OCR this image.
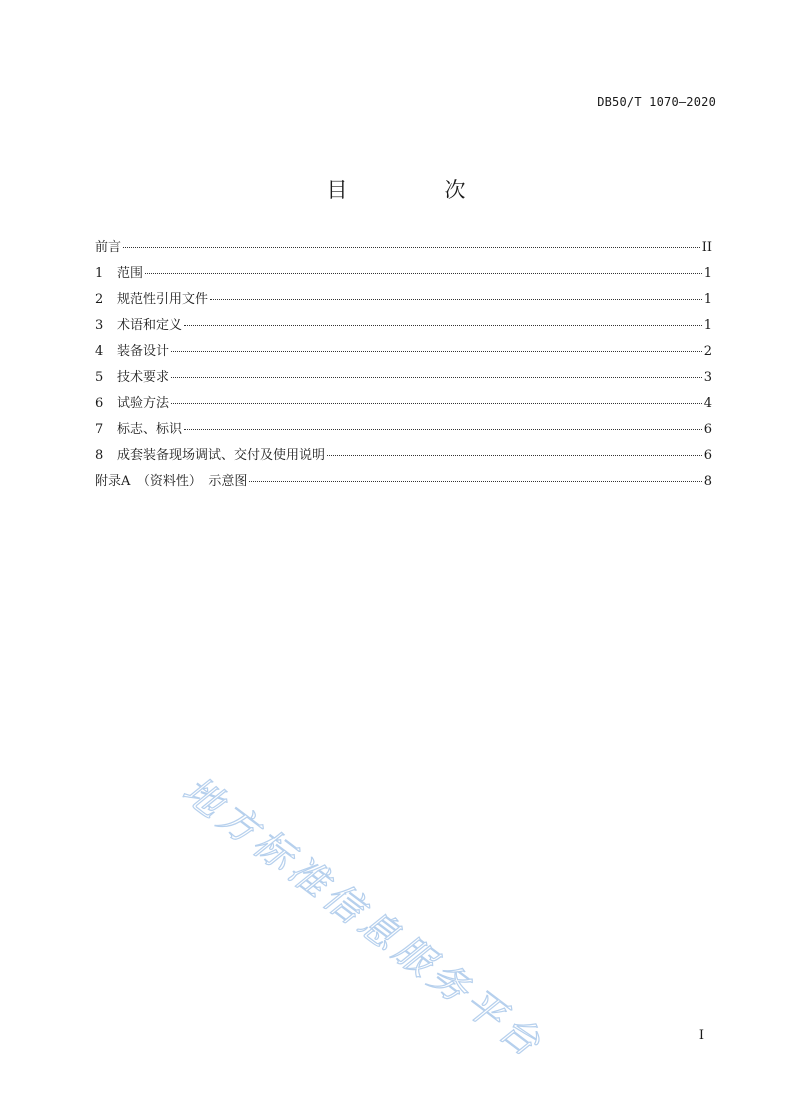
DB50/T 1070—2020
目　次
前言	II
1	范围	1
2	规范性引用文件	1
3	术语和定义	1
4	装备设计	2
5	技术要求	3
6	试验方法	4
7	标志、标识	6
8	成套装备现场调试、交付及使用说明	6
附录A　（资料性）　示意图	8
地方标准信息服务平台	I
